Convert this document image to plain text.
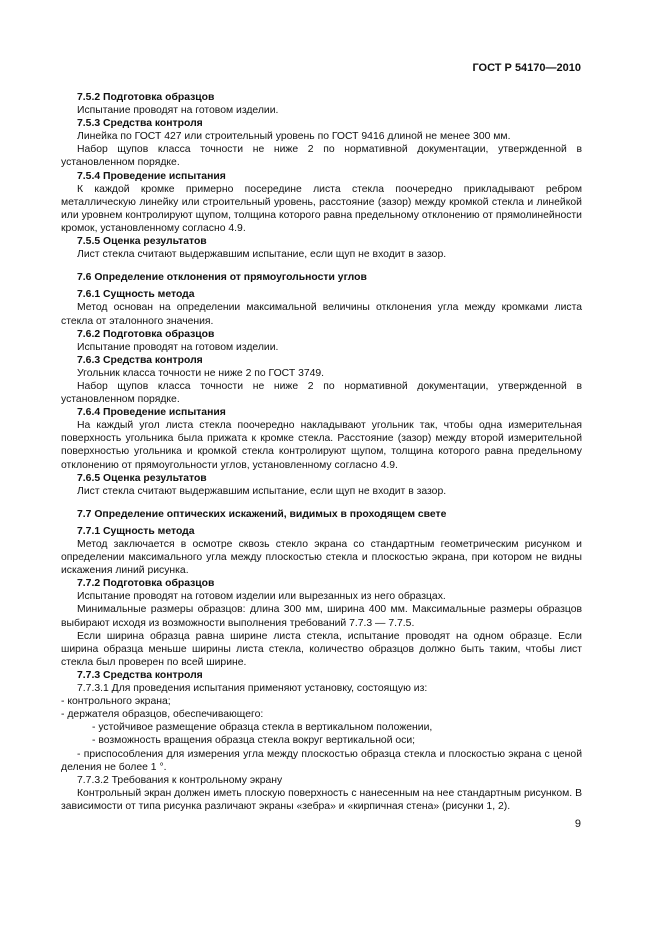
ГОСТ Р 54170—2010

7.5.2 Подготовка образцов

Испытание проводят на готовом изделии.

7.5.3 Средства контроля

Линейка по ГОСТ 427 или строительный уровень по ГОСТ 9416 длиной не менее 300 мм.

Набор щупов класса точности не ниже 2 по нормативной документации, утвержденной в установленном порядке.

7.5.4 Проведение испытания

К каждой кромке примерно посередине листа стекла поочередно прикладывают ребром металлическую линейку или строительный уровень, расстояние (зазор) между кромкой стекла и линейкой или уровнем контролируют щупом, толщина которого равна предельному отклонению от прямолинейности кромок, установленному согласно 4.9.

7.5.5 Оценка результатов

Лист стекла считают выдержавшим испытание, если щуп не входит в зазор.

7.6 Определение отклонения от прямоугольности углов

7.6.1 Сущность метода

Метод основан на определении максимальной величины отклонения угла между кромками листа стекла от эталонного значения.

7.6.2 Подготовка образцов

Испытание проводят на готовом изделии.

7.6.3 Средства контроля

Угольник класса точности не ниже 2 по ГОСТ 3749.

Набор щупов класса точности не ниже 2 по нормативной документации, утвержденной в установленном порядке.

7.6.4 Проведение испытания

На каждый угол листа стекла поочередно накладывают угольник так, чтобы одна измерительная поверхность угольника была прижата к кромке стекла. Расстояние (зазор) между второй измерительной поверхностью угольника и кромкой стекла контролируют щупом, толщина которого равна предельному отклонению от прямоугольности углов, установленному согласно 4.9.

7.6.5 Оценка результатов

Лист стекла считают выдержавшим испытание, если щуп не входит в зазор.

7.7 Определение оптических искажений, видимых в проходящем свете

7.7.1 Сущность метода

Метод заключается в осмотре сквозь стекло экрана со стандартным геометрическим рисунком и определении максимального угла между плоскостью стекла и плоскостью экрана, при котором не видны искажения линий рисунка.

7.7.2 Подготовка образцов

Испытание проводят на готовом изделии или вырезанных из него образцах.

Минимальные размеры образцов: длина 300 мм, ширина 400 мм. Максимальные размеры образцов выбирают исходя из возможности выполнения требований 7.7.3 — 7.7.5.

Если ширина образца равна ширине листа стекла, испытание проводят на одном образце. Если ширина образца меньше ширины листа стекла, количество образцов должно быть таким, чтобы лист стекла был проверен по всей ширине.

7.7.3 Средства контроля

7.7.3.1 Для проведения испытания применяют установку, состоящую из:

- контрольного экрана;

- держателя образцов, обеспечивающего:

- устойчивое размещение образца стекла в вертикальном положении,

- возможность вращения образца стекла вокруг вертикальной оси;

- приспособления для измерения угла между плоскостью образца стекла и плоскостью экрана с ценой деления не более 1 °.

7.7.3.2 Требования к контрольному экрану

Контрольный экран должен иметь плоскую поверхность с нанесенным на нее стандартным рисунком. В зависимости от типа рисунка различают экраны «зебра» и «кирпичная стена» (рисунки 1, 2).

9
